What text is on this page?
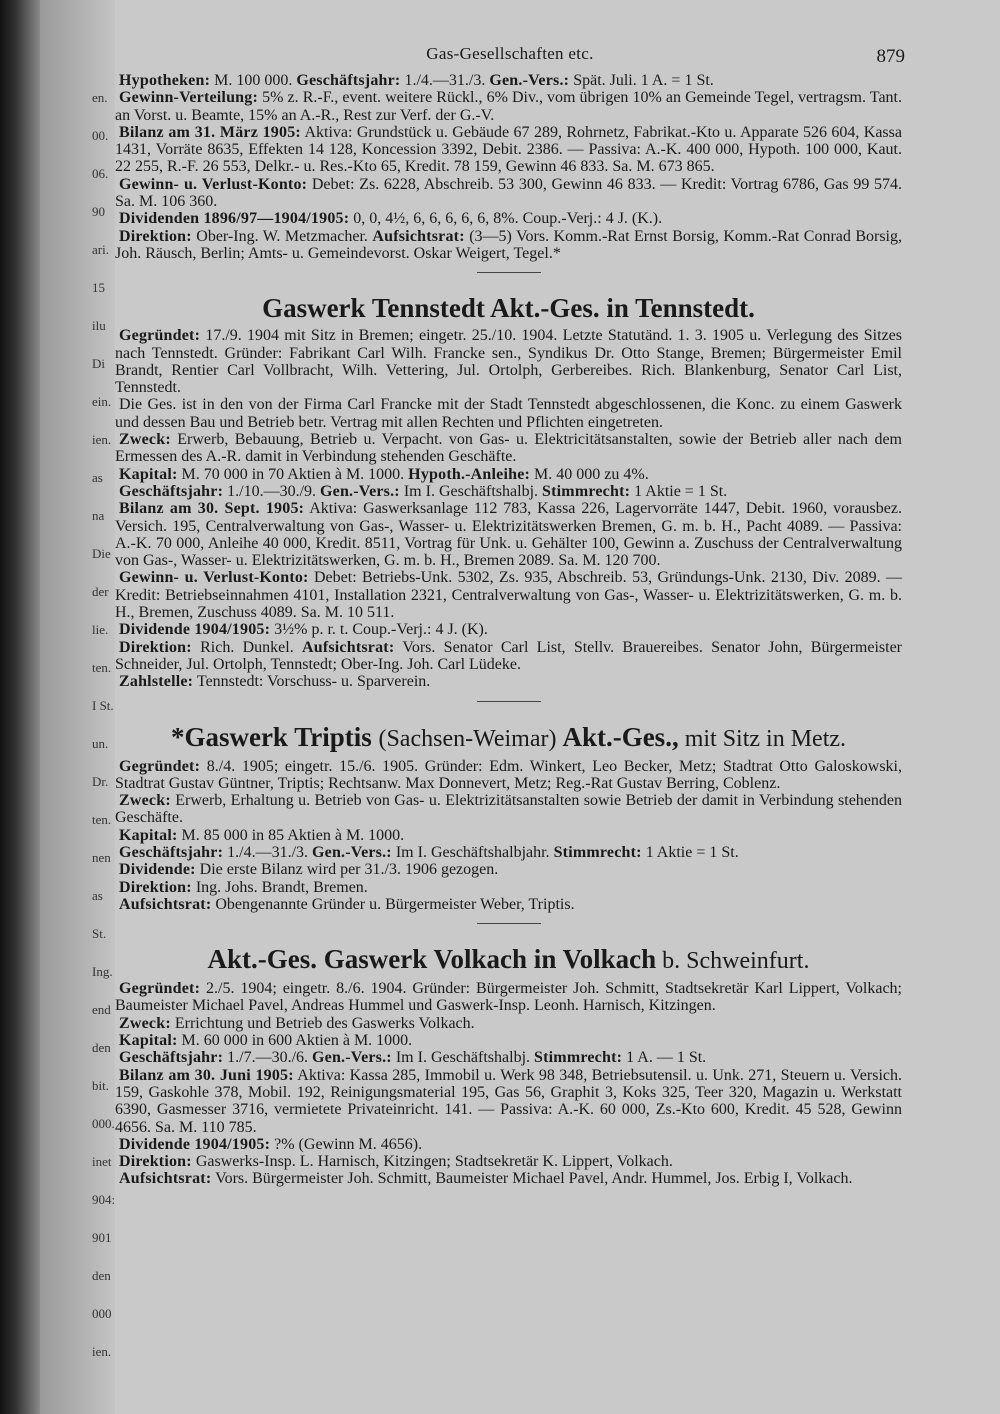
en.
00.
06.
90
ari.
15
ilu
Di
ein.
ien.
as
na
Die
der
lie.
ten.
I St.
un.
Dr.
ten.
nen
as
St.
Ing.
end
den
bit.
000.
inet
904:
901
den
000
ien.
Gas-Gesellschaften etc.	879

Hypotheken: M. 100 000. Geschäftsjahr: 1./4.—31./3. Gen.-Vers.: Spät. Juli. 1 A. = 1 St.

Gewinn-Verteilung: 5% z. R.-F., event. weitere Rückl., 6% Div., vom übrigen 10% an Gemeinde Tegel, vertragsm. Tant. an Vorst. u. Beamte, 15% an A.-R., Rest zur Verf. der G.-V.

Bilanz am 31. März 1905: Aktiva: Grundstück u. Gebäude 67 289, Rohrnetz, Fabrikat.-Kto u. Apparate 526 604, Kassa 1431, Vorräte 8635, Effekten 14 128, Koncession 3392, Debit. 2386. — Passiva: A.-K. 400 000, Hypoth. 100 000, Kaut. 22 255, R.-F. 26 553, Delkr.- u. Res.-Kto 65, Kredit. 78 159, Gewinn 46 833. Sa. M. 673 865.

Gewinn- u. Verlust-Konto: Debet: Zs. 6228, Abschreib. 53 300, Gewinn 46 833. — Kredit: Vortrag 6786, Gas 99 574. Sa. M. 106 360.

Dividenden 1896/97—1904/1905: 0, 0, 4½, 6, 6, 6, 6, 6, 8%. Coup.-Verj.: 4 J. (K.).

Direktion: Ober-Ing. W. Metzmacher. Aufsichtsrat: (3—5) Vors. Komm.-Rat Ernst Borsig, Komm.-Rat Conrad Borsig, Joh. Räusch, Berlin; Amts- u. Gemeindevorst. Oskar Weigert, Tegel.*

Gaswerk Tennstedt Akt.-Ges. in Tennstedt.

Gegründet: 17./9. 1904 mit Sitz in Bremen; eingetr. 25./10. 1904. Letzte Statutänd. 1. 3. 1905 u. Verlegung des Sitzes nach Tennstedt. Gründer: Fabrikant Carl Wilh. Francke sen., Syndikus Dr. Otto Stange, Bremen; Bürgermeister Emil Brandt, Rentier Carl Vollbracht, Wilh. Vettering, Jul. Ortolph, Gerbereibes. Rich. Blankenburg, Senator Carl List, Tennstedt.

Die Ges. ist in den von der Firma Carl Francke mit der Stadt Tennstedt abgeschlossenen, die Konc. zu einem Gaswerk und dessen Bau und Betrieb betr. Vertrag mit allen Rechten und Pflichten eingetreten.

Zweck: Erwerb, Bebauung, Betrieb u. Verpacht. von Gas- u. Elektricitätsanstalten, sowie der Betrieb aller nach dem Ermessen des A.-R. damit in Verbindung stehenden Geschäfte.

Kapital: M. 70 000 in 70 Aktien à M. 1000. Hypoth.-Anleihe: M. 40 000 zu 4%.

Geschäftsjahr: 1./10.—30./9. Gen.-Vers.: Im I. Geschäftshalbj. Stimmrecht: 1 Aktie = 1 St.

Bilanz am 30. Sept. 1905: Aktiva: Gaswerksanlage 112 783, Kassa 226, Lagervorräte 1447, Debit. 1960, vorausbez. Versich. 195, Centralverwaltung von Gas-, Wasser- u. Elektrizitätswerken Bremen, G. m. b. H., Pacht 4089. — Passiva: A.-K. 70 000, Anleihe 40 000, Kredit. 8511, Vortrag für Unk. u. Gehälter 100, Gewinn a. Zuschuss der Centralverwaltung von Gas-, Wasser- u. Elektrizitätswerken, G. m. b. H., Bremen 2089. Sa. M. 120 700.

Gewinn- u. Verlust-Konto: Debet: Betriebs-Unk. 5302, Zs. 935, Abschreib. 53, Gründungs-Unk. 2130, Div. 2089. — Kredit: Betriebseinnahmen 4101, Installation 2321, Centralverwaltung von Gas-, Wasser- u. Elektrizitätswerken, G. m. b. H., Bremen, Zuschuss 4089. Sa. M. 10 511.

Dividende 1904/1905: 3½% p. r. t. Coup.-Verj.: 4 J. (K).

Direktion: Rich. Dunkel. Aufsichtsrat: Vors. Senator Carl List, Stellv. Brauereibes. Senator John, Bürgermeister Schneider, Jul. Ortolph, Tennstedt; Ober-Ing. Joh. Carl Lüdeke.

Zahlstelle: Tennstedt: Vorschuss- u. Sparverein.

*Gaswerk Triptis (Sachsen-Weimar) Akt.-Ges., mit Sitz in Metz.

Gegründet: 8./4. 1905; eingetr. 15./6. 1905. Gründer: Edm. Winkert, Leo Becker, Metz; Stadtrat Otto Galoskowski, Stadtrat Gustav Güntner, Triptis; Rechtsanw. Max Donnevert, Metz; Reg.-Rat Gustav Berring, Coblenz.

Zweck: Erwerb, Erhaltung u. Betrieb von Gas- u. Elektrizitätsanstalten sowie Betrieb der damit in Verbindung stehenden Geschäfte.

Kapital: M. 85 000 in 85 Aktien à M. 1000.

Geschäftsjahr: 1./4.—31./3. Gen.-Vers.: Im I. Geschäftshalbjahr. Stimmrecht: 1 Aktie = 1 St.

Dividende: Die erste Bilanz wird per 31./3. 1906 gezogen.

Direktion: Ing. Johs. Brandt, Bremen.

Aufsichtsrat: Obengenannte Gründer u. Bürgermeister Weber, Triptis.

Akt.-Ges. Gaswerk Volkach in Volkach b. Schweinfurt.

Gegründet: 2./5. 1904; eingetr. 8./6. 1904. Gründer: Bürgermeister Joh. Schmitt, Stadtsekretär Karl Lippert, Volkach; Baumeister Michael Pavel, Andreas Hummel und Gaswerk-Insp. Leonh. Harnisch, Kitzingen.

Zweck: Errichtung und Betrieb des Gaswerks Volkach.

Kapital: M. 60 000 in 600 Aktien à M. 1000.

Geschäftsjahr: 1./7.—30./6. Gen.-Vers.: Im I. Geschäftshalbj. Stimmrecht: 1 A. — 1 St.

Bilanz am 30. Juni 1905: Aktiva: Kassa 285, Immobil u. Werk 98 348, Betriebsutensil. u. Unk. 271, Steuern u. Versich. 159, Gaskohle 378, Mobil. 192, Reinigungsmaterial 195, Gas 56, Graphit 3, Koks 325, Teer 320, Magazin u. Werkstatt 6390, Gasmesser 3716, vermietete Privateinricht. 141. — Passiva: A.-K. 60 000, Zs.-Kto 600, Kredit. 45 528, Gewinn 4656. Sa. M. 110 785.

Dividende 1904/1905: ?% (Gewinn M. 4656).

Direktion: Gaswerks-Insp. L. Harnisch, Kitzingen; Stadtsekretär K. Lippert, Volkach.

Aufsichtsrat: Vors. Bürgermeister Joh. Schmitt, Baumeister Michael Pavel, Andr. Hummel, Jos. Erbig I, Volkach.
